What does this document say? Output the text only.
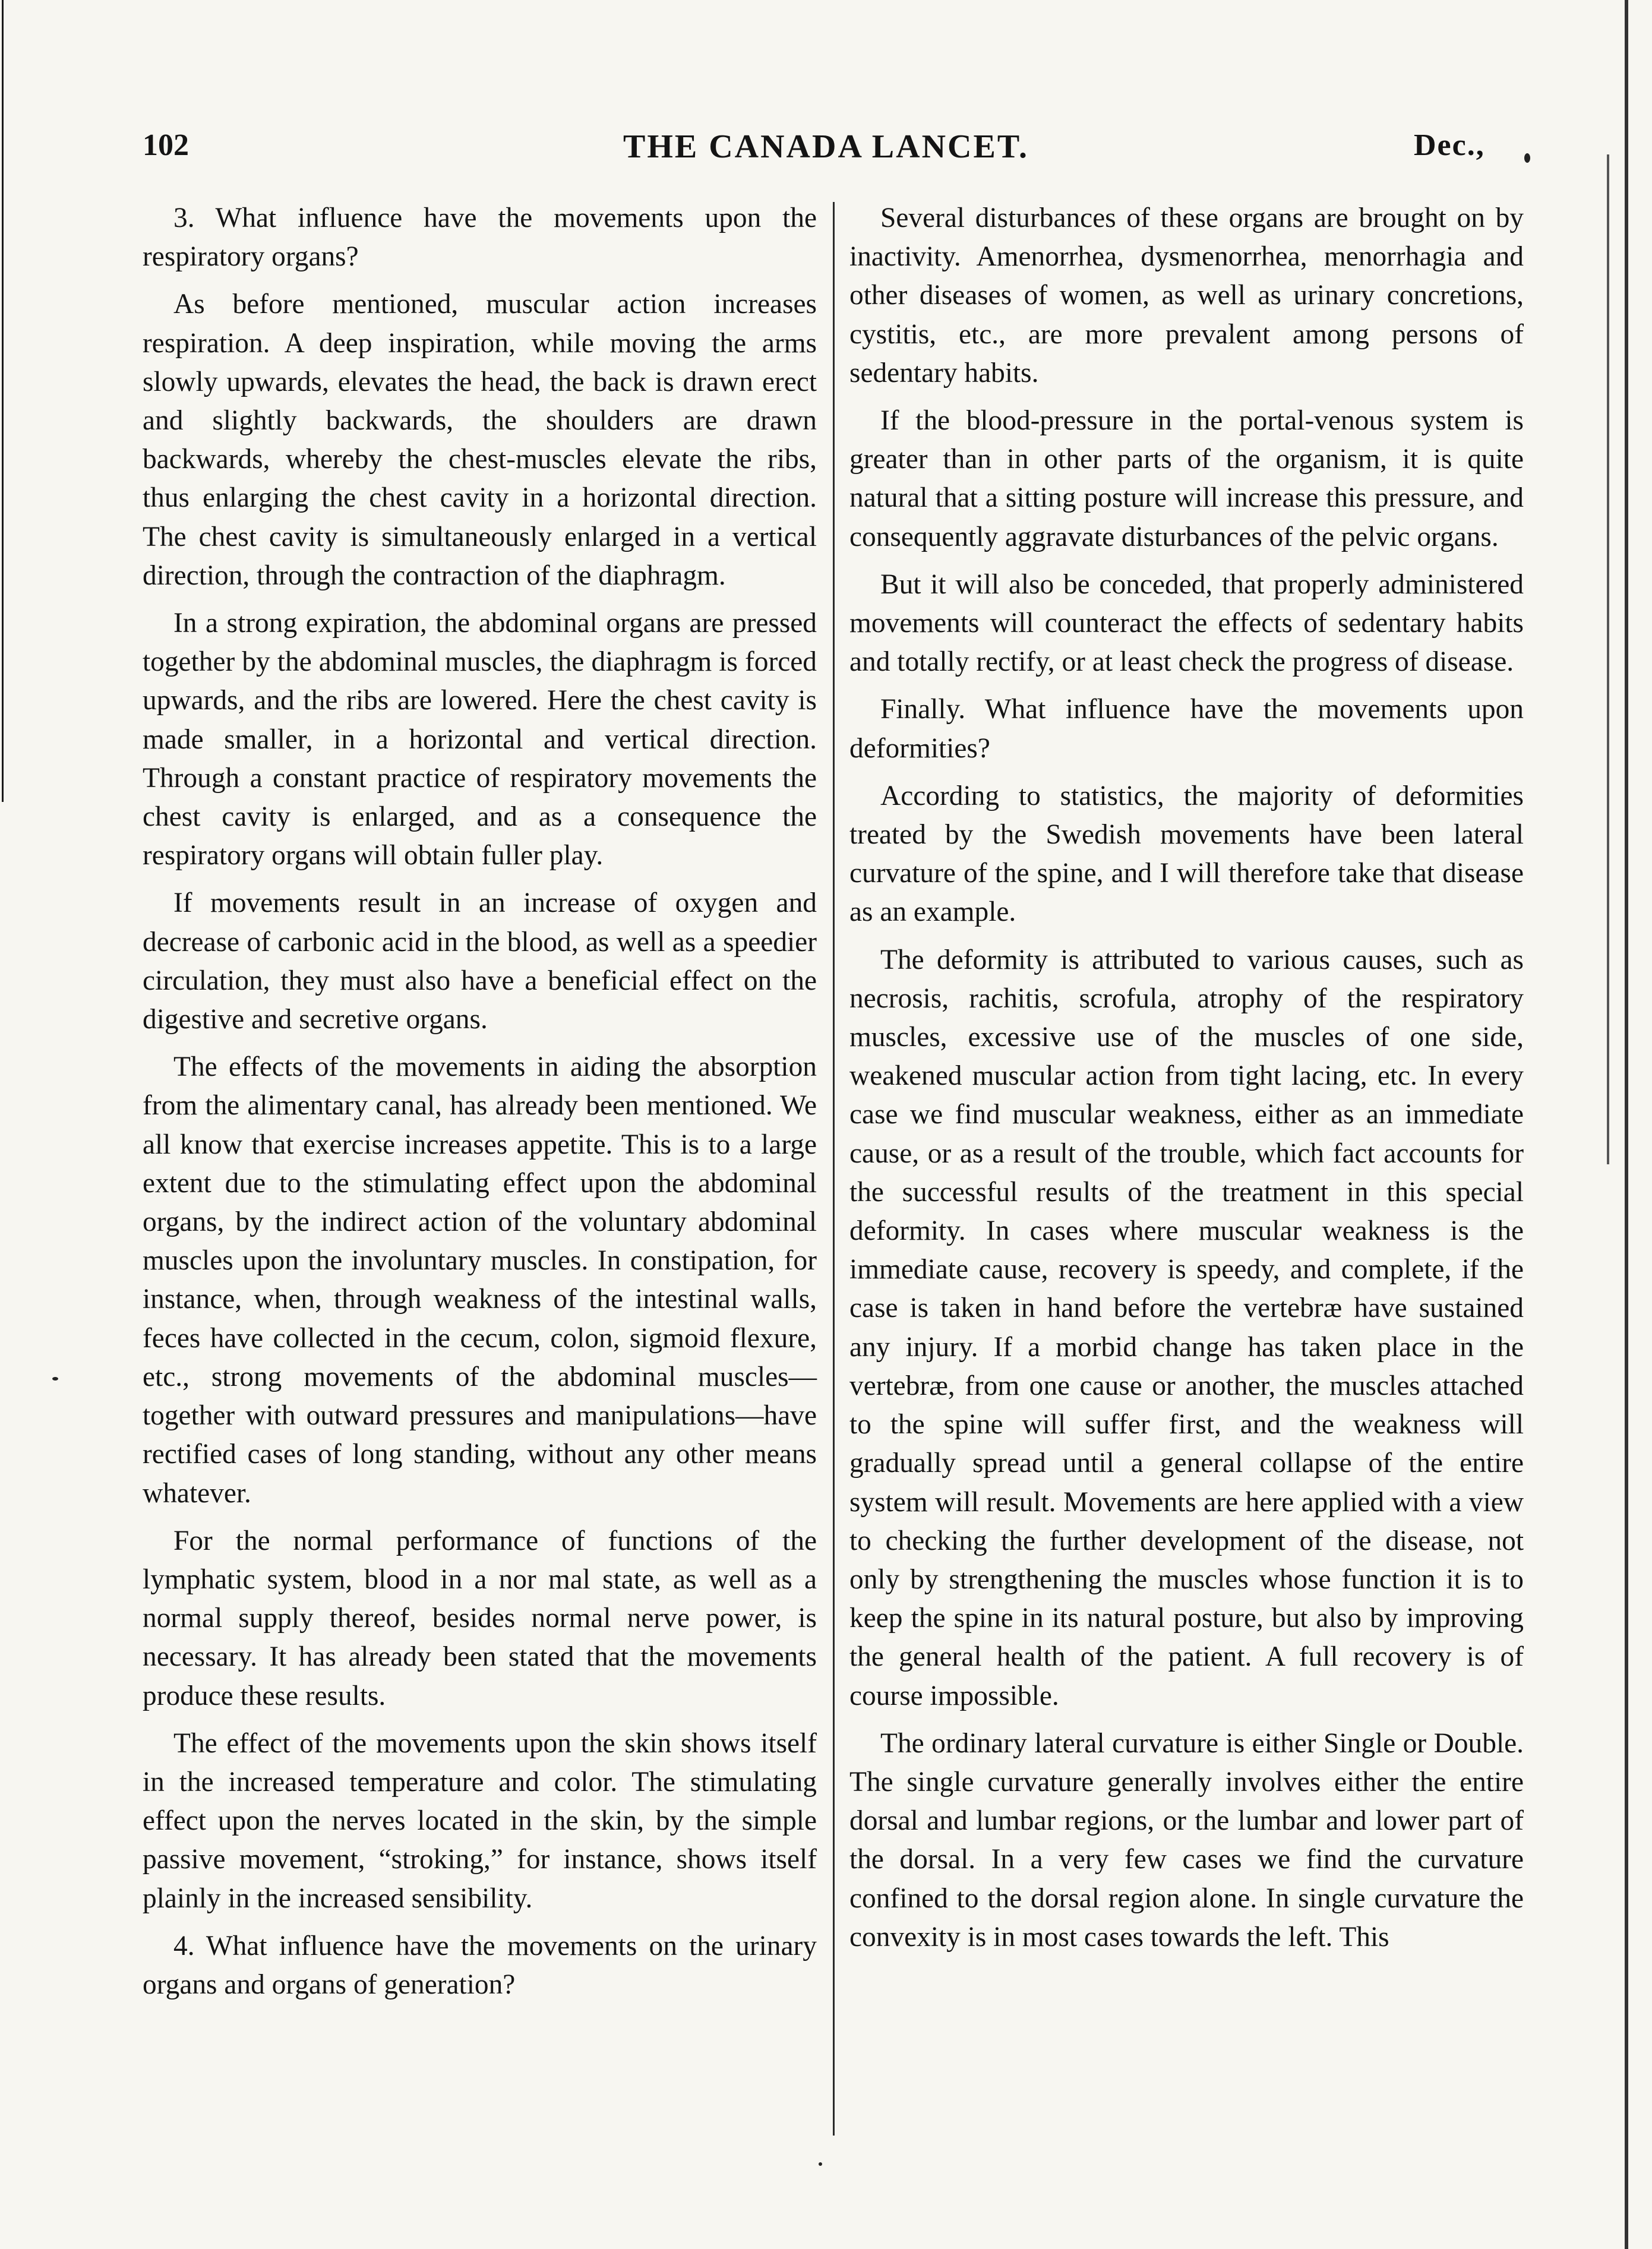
102	THE CANADA LANCET.	Dec.,

3. What influence have the movements upon the respiratory organs?

As before mentioned, muscular action increases respiration. A deep inspiration, while moving the arms slowly upwards, elevates the head, the back is drawn erect and slightly backwards, the shoulders are drawn backwards, whereby the chest-muscles elevate the ribs, thus enlarging the chest cavity in a horizontal direction. The chest cavity is simultaneously enlarged in a vertical direction, through the contraction of the diaphragm.

In a strong expiration, the abdominal organs are pressed together by the abdominal muscles, the diaphragm is forced upwards, and the ribs are lowered. Here the chest cavity is made smaller, in a horizontal and vertical direction. Through a constant practice of respiratory movements the chest cavity is enlarged, and as a consequence the respiratory organs will obtain fuller play.

If movements result in an increase of oxygen and decrease of carbonic acid in the blood, as well as a speedier circulation, they must also have a beneficial effect on the digestive and secretive organs.

The effects of the movements in aiding the absorption from the alimentary canal, has already been mentioned. We all know that exercise increases appetite. This is to a large extent due to the stimulating effect upon the abdominal organs, by the indirect action of the voluntary abdominal muscles upon the involuntary muscles. In constipation, for instance, when, through weakness of the intestinal walls, feces have collected in the cecum, colon, sigmoid flexure, etc., strong movements of the abdominal muscles—together with outward pressures and manipulations—have rectified cases of long standing, without any other means whatever.

For the normal performance of functions of the lymphatic system, blood in a nor mal state, as well as a normal supply thereof, besides normal nerve power, is necessary. It has already been stated that the movements produce these results.

The effect of the movements upon the skin shows itself in the increased temperature and color. The stimulating effect upon the nerves located in the skin, by the simple passive movement, “stroking,” for instance, shows itself plainly in the increased sensibility.

4. What influence have the movements on the urinary organs and organs of generation?

Several disturbances of these organs are brought on by inactivity. Amenorrhea, dysmenorrhea, menorrhagia and other diseases of women, as well as urinary concretions, cystitis, etc., are more prevalent among persons of sedentary habits.

If the blood-pressure in the portal-venous system is greater than in other parts of the organism, it is quite natural that a sitting posture will increase this pressure, and consequently aggravate disturbances of the pelvic organs.

But it will also be conceded, that properly administered movements will counteract the effects of sedentary habits and totally rectify, or at least check the progress of disease.

Finally. What influence have the movements upon deformities?

According to statistics, the majority of deformities treated by the Swedish movements have been lateral curvature of the spine, and I will therefore take that disease as an example.

The deformity is attributed to various causes, such as necrosis, rachitis, scrofula, atrophy of the respiratory muscles, excessive use of the muscles of one side, weakened muscular action from tight lacing, etc. In every case we find muscular weakness, either as an immediate cause, or as a result of the trouble, which fact accounts for the successful results of the treatment in this special deformity. In cases where muscular weakness is the immediate cause, recovery is speedy, and complete, if the case is taken in hand before the vertebræ have sustained any injury. If a morbid change has taken place in the vertebræ, from one cause or another, the muscles attached to the spine will suffer first, and the weakness will gradually spread until a general collapse of the entire system will result. Movements are here applied with a view to checking the further development of the disease, not only by strengthening the muscles whose function it is to keep the spine in its natural posture, but also by improving the general health of the patient. A full recovery is of course impossible.

The ordinary lateral curvature is either Single or Double. The single curvature generally involves either the entire dorsal and lumbar regions, or the lumbar and lower part of the dorsal. In a very few cases we find the curvature confined to the dorsal region alone. In single curvature the convexity is in most cases towards the left. This
